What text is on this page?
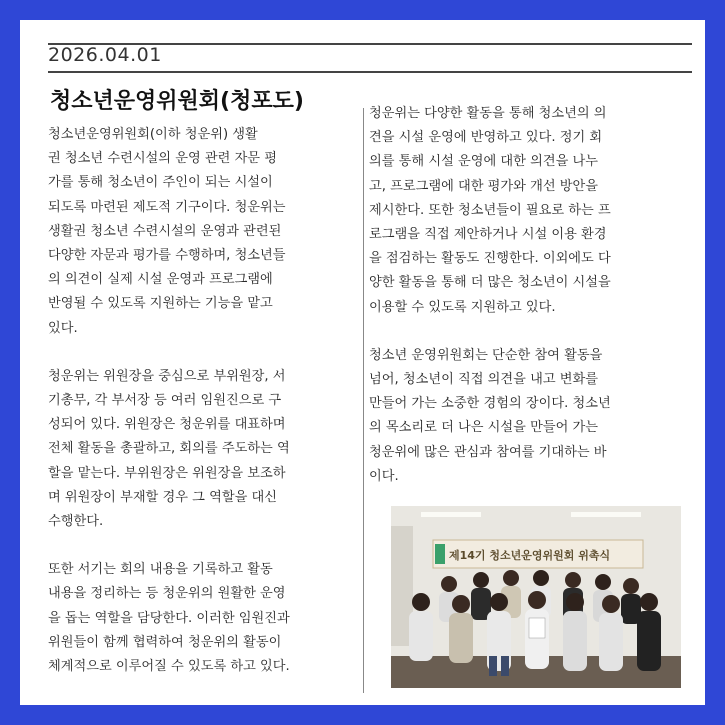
2026.04.01
청소년운영위원회(청포도)

청소년운영위원회(이하 청운위) 생활
권 청소년 수련시설의 운영 관련 자문 평
가를 통해 청소년이 주인이 되는 시설이
되도록 마련된 제도적 기구이다. 청운위는
생활권 청소년 수련시설의 운영과 관련된
다양한 자문과 평가를 수행하며, 청소년들
의 의견이 실제 시설 운영과 프로그램에
반영될 수 있도록 지원하는 기능을 맡고
있다.

청운위는 위원장을 중심으로 부위원장, 서
기총무, 각 부서장 등 여러 임원진으로 구
성되어 있다. 위원장은 청운위를 대표하며
전체 활동을 총괄하고, 회의를 주도하는 역
할을 맡는다. 부위원장은 위원장을 보조하
며 위원장이 부재할 경우 그 역할을 대신
수행한다.

또한 서기는 회의 내용을 기록하고 활동
내용을 정리하는 등 청운위의 원활한 운영
을 돕는 역할을 담당한다. 이러한 임원진과
위원들이 함께 협력하여 청운위의 활동이
체계적으로 이루어질 수 있도록 하고 있다.

청운위는 다양한 활동을 통해 청소년의 의
견을 시설 운영에 반영하고 있다. 정기 회
의를 통해 시설 운영에 대한 의견을 나누
고, 프로그램에 대한 평가와 개선 방안을
제시한다. 또한 청소년들이 필요로 하는 프
로그램을 직접 제안하거나 시설 이용 환경
을 점검하는 활동도 진행한다. 이외에도 다
양한 활동을 통해 더 많은 청소년이 시설을
이용할 수 있도록 지원하고 있다.

청소년 운영위원회는 단순한 참여 활동을
넘어, 청소년이 직접 의견을 내고 변화를
만들어 가는 소중한 경험의 장이다. 청소년
의 목소리로 더 나은 시설을 만들어 가는
청운위에 많은 관심과 참여를 기대하는 바
이다.

제14기 청소년운영위원회 위촉식
